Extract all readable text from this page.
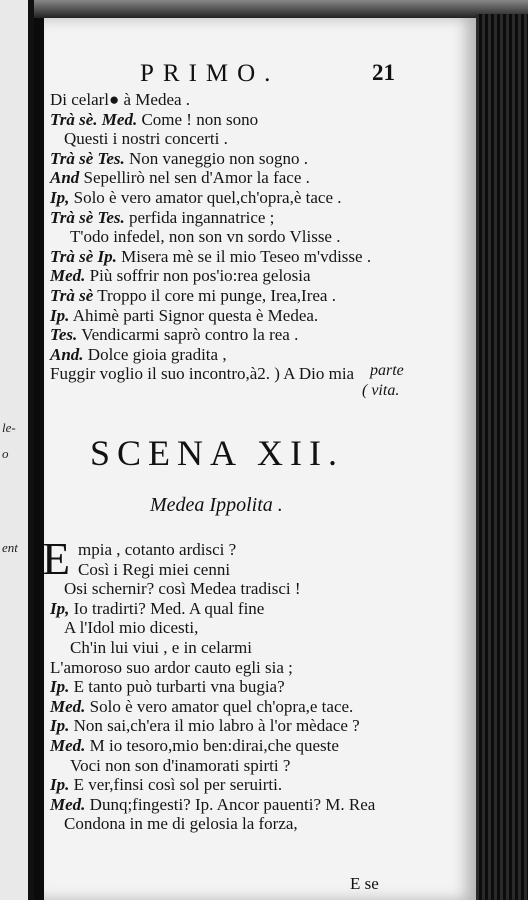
le-
o
ent
PRIMO.	21
Di celarl● à Medea .
Trà sè. Med. Come ! non sono
Questi i nostri concerti .
Trà sè Tes. Non vaneggio non sogno .
And Sepellirò nel sen d'Amor la face .
Ip, Solo è vero amator quel,ch'opra,è tace .
Trà sè Tes. perfida ingannatrice ;
T'odo infedel, non son vn sordo Vlisse .
Trà sè Ip. Misera mè se il mio Teseo m'vdisse .
Med. Più soffrir non pos'io:rea gelosia
Trà sè Troppo il core mi punge, Irea,Irea .
Ip. Ahimè parti Signor questa è Medea.
Tes. Vendicarmi saprò contro la rea .
And. Dolce gioia gradita ,
Fuggir voglio il suo incontro,à2. ) A Dio mia parte
( vita.
SCENA XII.
Medea Ippolita .
E mpia , cotanto ardisci ?
Così i Regi miei cenni
Osi schernir? così Medea tradisci !
Ip, Io tradirti? Med. A qual fine
A l'Idol mio dicesti,
Ch'in lui viui , e in celarmi
L'amoroso suo ardor cauto egli sia ;
Ip. E tanto può turbarti vna bugia?
Med. Solo è vero amator quel ch'opra,e tace.
Ip. Non sai,ch'era il mio labro à l'or mèdace ?
Med. M io tesoro,mio ben:dirai,che queste
Voci non son d'inamorati spirti ?
Ip. E ver,finsi così sol per seruirti.
Med. Dunq;fingesti? Ip. Ancor pauenti? M. Rea
Condona in me di gelosia la forza,
E se
